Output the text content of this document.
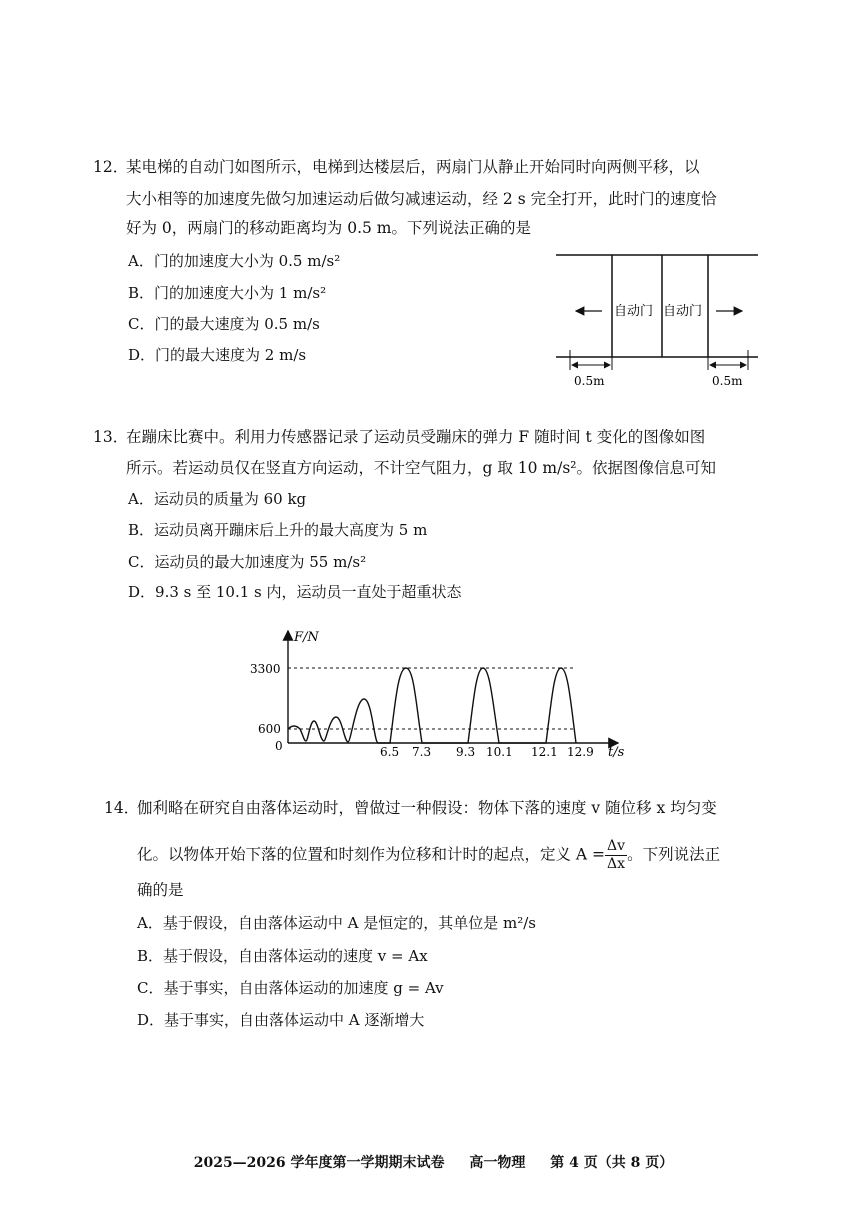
12．
某电梯的自动门如图所示，电梯到达楼层后，两扇门从静止开始同时向两侧平移，以
大小相等的加速度先做匀加速运动后做匀减速运动，经 2 s 完全打开，此时门的速度恰
好为 0，两扇门的移动距离均为 0.5 m。下列说法正确的是
A．门的加速度大小为 0.5 m/s²
B．门的加速度大小为 1 m/s²
C．门的最大速度为 0.5 m/s
D．门的最大速度为 2 m/s
自动门 自动门
0.5m	0.5m
13．
在蹦床比赛中。利用力传感器记录了运动员受蹦床的弹力 F 随时间 t 变化的图像如图
所示。若运动员仅在竖直方向运动，不计空气阻力，g 取 10 m/s²。依据图像信息可知
A．运动员的质量为 60 kg
B．运动员离开蹦床后上升的最大高度为 5 m
C．运动员的最大加速度为 55 m/s²
D．9.3 s 至 10.1 s 内，运动员一直处于超重状态
F/N
t/s
0
3300
600
6.5 7.3 9.3 10.1 12.1 12.9
14．
伽利略在研究自由落体运动时，曾做过一种假设：物体下落的速度 v 随位移 x 均匀变
化。以物体开始下落的位置和时刻作为位移和计时的起点，定义 $A = \frac{\Delta v}{\Delta x}$ 。下列说法正
确的是
A．基于假设，自由落体运动中 A 是恒定的，其单位是 m²/s
B．基于假设，自由落体运动的速度 v = Ax
C．基于事实，自由落体运动的加速度 g = Av
D．基于事实，自由落体运动中 A 逐渐增大
2025—2026 学年度第一学期期末试卷 高一物理 第 4 页（共 8 页）
